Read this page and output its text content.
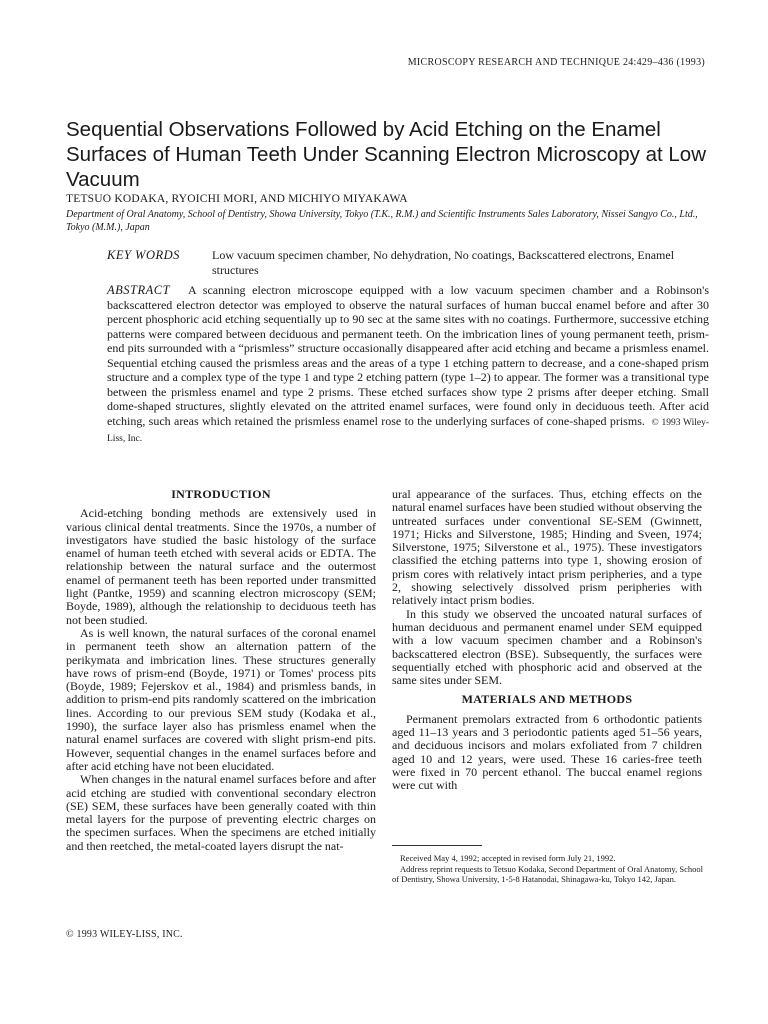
MICROSCOPY RESEARCH AND TECHNIQUE 24:429–436 (1993)
Sequential Observations Followed by Acid Etching on the Enamel Surfaces of Human Teeth Under Scanning Electron Microscopy at Low Vacuum
TETSUO KODAKA, RYOICHI MORI, AND MICHIYO MIYAKAWA
Department of Oral Anatomy, School of Dentistry, Showa University, Tokyo (T.K., R.M.) and Scientific Instruments Sales Laboratory, Nissei Sangyo Co., Ltd., Tokyo (M.M.), Japan
KEY WORDS	Low vacuum specimen chamber, No dehydration, No coatings, Backscattered electrons, Enamel structures
ABSTRACT A scanning electron microscope equipped with a low vacuum specimen chamber and a Robinson's backscattered electron detector was employed to observe the natural surfaces of human buccal enamel before and after 30 percent phosphoric acid etching sequentially up to 90 sec at the same sites with no coatings. Furthermore, successive etching patterns were compared between deciduous and permanent teeth. On the imbrication lines of young permanent teeth, prism-end pits surrounded with a “prismless” structure occasionally disappeared after acid etching and became a prismless enamel. Sequential etching caused the prismless areas and the areas of a type 1 etching pattern to decrease, and a cone-shaped prism structure and a complex type of the type 1 and type 2 etching pattern (type 1–2) to appear. The former was a transitional type between the prismless enamel and type 2 prisms. These etched surfaces show type 2 prisms after deeper etching. Small dome-shaped structures, slightly elevated on the attrited enamel surfaces, were found only in deciduous teeth. After acid etching, such areas which retained the prismless enamel rose to the underlying surfaces of cone-shaped prisms. © 1993 Wiley-Liss, Inc.
INTRODUCTION

Acid-etching bonding methods are extensively used in various clinical dental treatments. Since the 1970s, a number of investigators have studied the basic histology of the surface enamel of human teeth etched with several acids or EDTA. The relationship between the natural surface and the outermost enamel of permanent teeth has been reported under transmitted light (Pantke, 1959) and scanning electron microscopy (SEM; Boyde, 1989), although the relationship to deciduous teeth has not been studied.

As is well known, the natural surfaces of the coronal enamel in permanent teeth show an alternation pattern of the perikymata and imbrication lines. These structures generally have rows of prism-end (Boyde, 1971) or Tomes' process pits (Boyde, 1989; Fejerskov et al., 1984) and prismless bands, in addition to prism-end pits randomly scattered on the imbrication lines. According to our previous SEM study (Kodaka et al., 1990), the surface layer also has prismless enamel when the natural enamel surfaces are covered with slight prism-end pits. However, sequential changes in the enamel surfaces before and after acid etching have not been elucidated.

When changes in the natural enamel surfaces before and after acid etching are studied with conventional secondary electron (SE) SEM, these surfaces have been generally coated with thin metal layers for the purpose of preventing electric charges on the specimen surfaces. When the specimens are etched initially and then reetched, the metal-coated layers disrupt the nat-

ural appearance of the surfaces. Thus, etching effects on the natural enamel surfaces have been studied without observing the untreated surfaces under conventional SE-SEM (Gwinnett, 1971; Hicks and Silverstone, 1985; Hinding and Sveen, 1974; Silverstone, 1975; Silverstone et al., 1975). These investigators classified the etching patterns into type 1, showing erosion of prism cores with relatively intact prism peripheries, and a type 2, showing selectively dissolved prism peripheries with relatively intact prism bodies.

In this study we observed the uncoated natural surfaces of human deciduous and permanent enamel under SEM equipped with a low vacuum specimen chamber and a Robinson's backscattered electron (BSE). Subsequently, the surfaces were sequentially etched with phosphoric acid and observed at the same sites under SEM.

MATERIALS AND METHODS

Permanent premolars extracted from 6 orthodontic patients aged 11–13 years and 3 periodontic patients aged 51–56 years, and deciduous incisors and molars exfoliated from 7 children aged 10 and 12 years, were used. These 16 caries-free teeth were fixed in 70 percent ethanol. The buccal enamel regions were cut with

Received May 4, 1992; accepted in revised form July 21, 1992.

Address reprint requests to Tetsuo Kodaka, Second Department of Oral Anatomy, School of Dentistry, Showa University, 1-5-8 Hatanodai, Shinagawa-ku, Tokyo 142, Japan.

© 1993 WILEY-LISS, INC.
